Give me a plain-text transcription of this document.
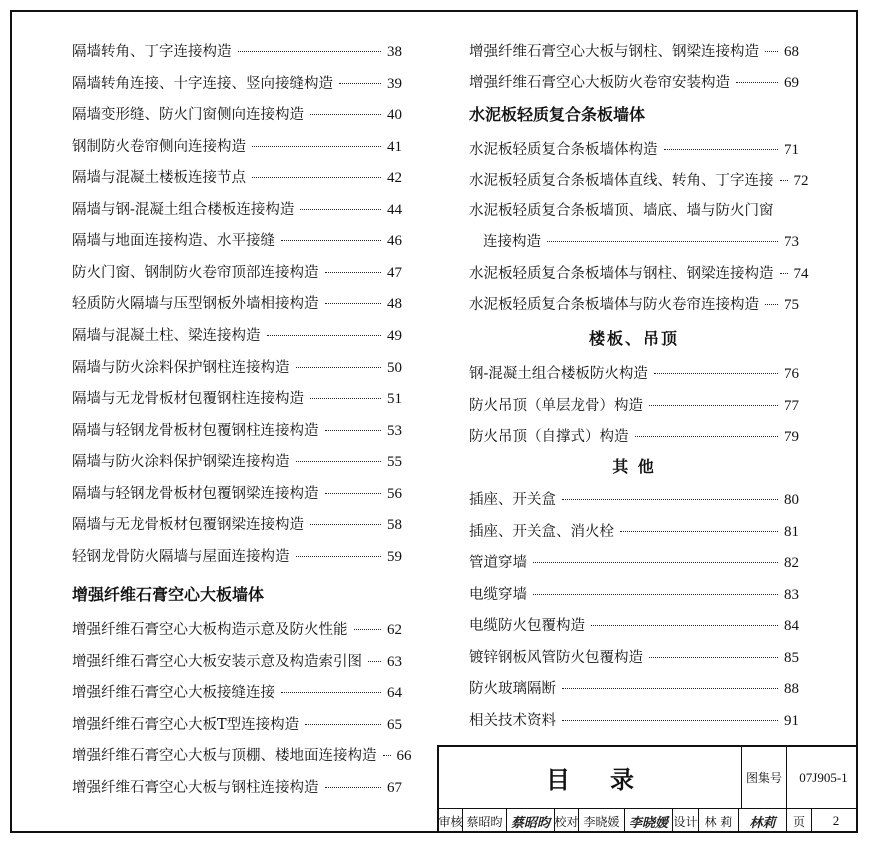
隔墙转角、丁字连接构造	38
隔墙转角连接、十字连接、竖向接缝构造	39
隔墙变形缝、防火门窗侧向连接构造	40
钢制防火卷帘侧向连接构造	41
隔墙与混凝土楼板连接节点	42
隔墙与钢-混凝土组合楼板连接构造	44
隔墙与地面连接构造、水平接缝	46
防火门窗、钢制防火卷帘顶部连接构造	47
轻质防火隔墙与压型钢板外墙相接构造	48
隔墙与混凝土柱、梁连接构造	49
隔墙与防火涂料保护钢柱连接构造	50
隔墙与无龙骨板材包覆钢柱连接构造	51
隔墙与轻钢龙骨板材包覆钢柱连接构造	53
隔墙与防火涂料保护钢梁连接构造	55
隔墙与轻钢龙骨板材包覆钢梁连接构造	56
隔墙与无龙骨板材包覆钢梁连接构造	58
轻钢龙骨防火隔墙与屋面连接构造	59
增强纤维石膏空心大板墙体
增强纤维石膏空心大板构造示意及防火性能	62
增强纤维石膏空心大板安装示意及构造索引图 63
增强纤维石膏空心大板接缝连接	64
增强纤维石膏空心大板T型连接构造	65
增强纤维石膏空心大板与顶棚、楼地面连接构造 66
增强纤维石膏空心大板与钢柱连接构造	67
增强纤维石膏空心大板与钢柱、钢梁连接构造 68
增强纤维石膏空心大板防火卷帘安装构造	69
水泥板轻质复合条板墙体
水泥板轻质复合条板墙体构造	71
水泥板轻质复合条板墙体直线、转角、丁字连接 72
水泥板轻质复合条板墙顶、墙底、墙与防火门窗
连接构造	73
水泥板轻质复合条板墙体与钢柱、钢梁连接构造 74
水泥板轻质复合条板墙体与防火卷帘连接构造 75
楼板、吊顶
钢-混凝土组合楼板防火构造	76
防火吊顶（单层龙骨）构造	77
防火吊顶（自撑式）构造	79
其 他
插座、开关盒	80
插座、开关盒、消火栓	81
管道穿墙	82
电缆穿墙	83
电缆防火包覆构造	84
镀锌钢板风管防火包覆构造	85
防火玻璃隔断	88
相关技术资料	91
目录	图集号	07J905-1
审核 蔡昭昀 蔡昭昀 校对 李晓媛 李晓媛 设计 林 莉	林莉	页	2
